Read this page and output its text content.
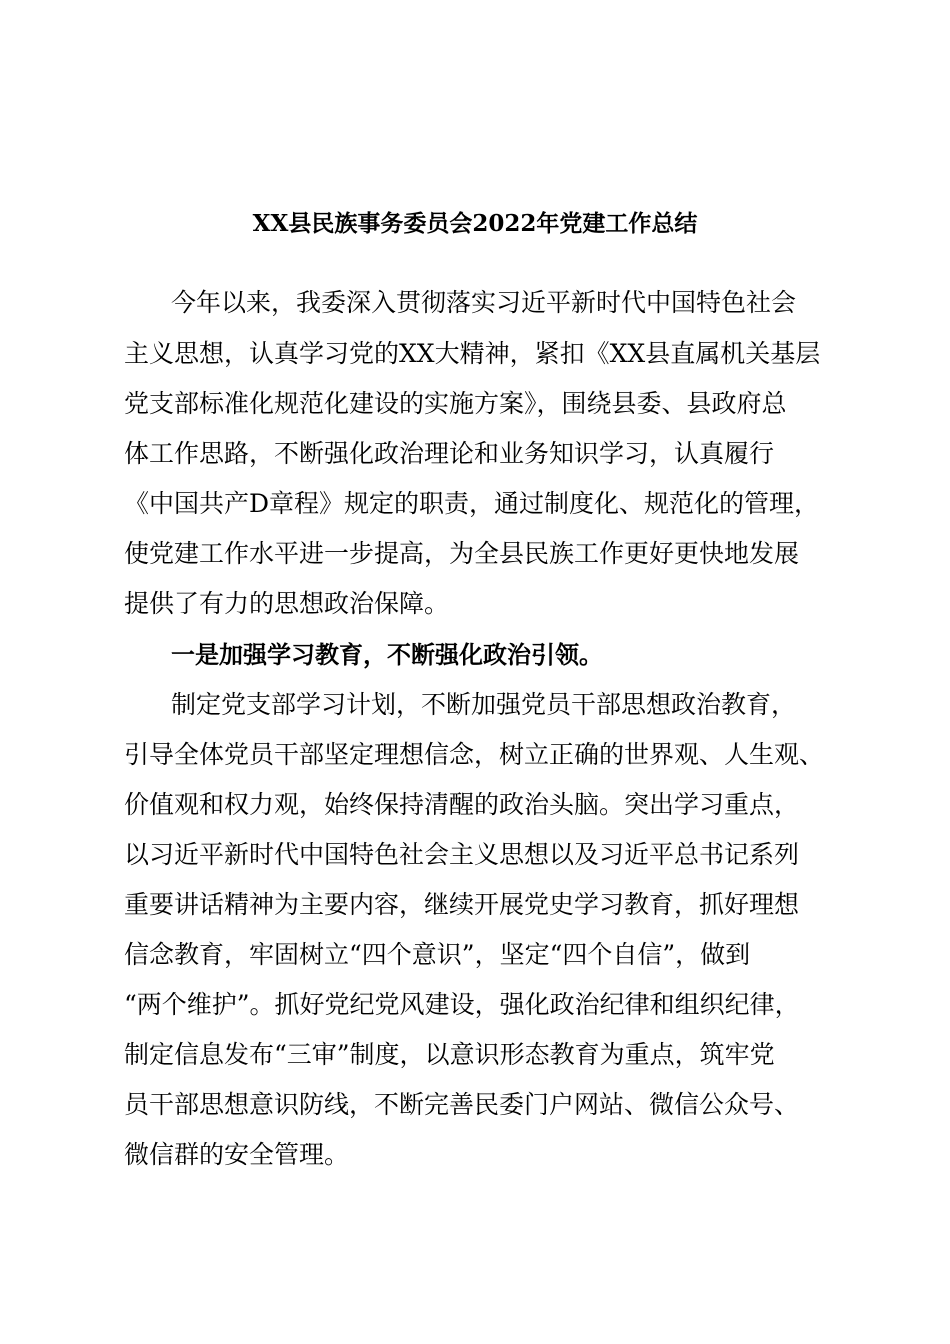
XX县民族事务委员会2022年党建工作总结

今年以来，我委深入贯彻落实习近平新时代中国特色社会

主义思想，认真学习党的XX大精神，紧扣《XX县直属机关基层

党支部标准化规范化建设的实施方案》，围绕县委、县政府总

体工作思路，不断强化政治理论和业务知识学习，认真履行

《中国共产D章程》规定的职责，通过制度化、规范化的管理，

使党建工作水平进一步提高，为全县民族工作更好更快地发展

提供了有力的思想政治保障。

一是加强学习教育，不断强化政治引领。

制定党支部学习计划，不断加强党员干部思想政治教育，

引导全体党员干部坚定理想信念，树立正确的世界观、人生观、

价值观和权力观，始终保持清醒的政治头脑。突出学习重点，

以习近平新时代中国特色社会主义思想以及习近平总书记系列

重要讲话精神为主要内容，继续开展党史学习教育，抓好理想

信念教育，牢固树立“四个意识”，坚定“四个自信”，做到

“两个维护”。抓好党纪党风建设，强化政治纪律和组织纪律，

制定信息发布“三审”制度，以意识形态教育为重点，筑牢党

员干部思想意识防线，不断完善民委门户网站、微信公众号、

微信群的安全管理。
